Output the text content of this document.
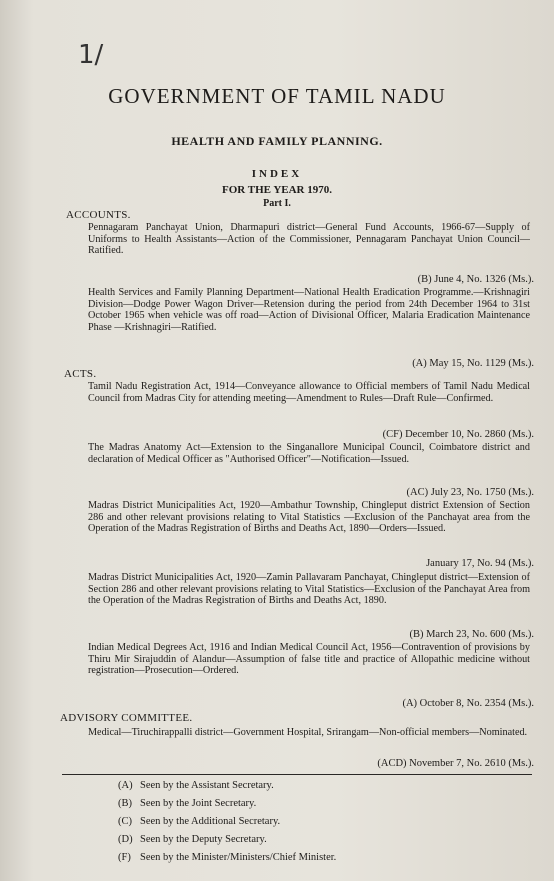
1/
GOVERNMENT OF TAMIL NADU
HEALTH AND FAMILY PLANNING.
INDEX
FOR THE YEAR 1970.
Part I.
ACCOUNTS.
Pennagaram Panchayat Union, Dharmapuri district—General Fund Accounts, 1966-67—Supply of Uniforms to Health Assistants—Action of the Commissioner, Pennagaram Panchayat Union Council—Ratified.
(B) June 4, No. 1326 (Ms.).
Health Services and Family Planning Department—National Health Eradication Programme.—Krishnagiri Division—Dodge Power Wagon Driver—Retension during the period from 24th December 1964 to 31st October 1965 when vehicle was off road—Action of Divisional Officer, Malaria Eradication Maintenance Phase —Krishnagiri—Ratified.
(A) May 15, No. 1129 (Ms.).
ACTS.
Tamil Nadu Registration Act, 1914—Conveyance allowance to Official members of Tamil Nadu Medical Council from Madras City for attending meeting—Amendment to Rules—Draft Rule—Confirmed.
(CF) December 10, No. 2860 (Ms.).
The Madras Anatomy Act—Extension to the Singanallore Municipal Council, Coimbatore district and declaration of Medical Officer as "Authorised Officer"—Notification—Issued.
(AC) July 23, No. 1750 (Ms.).
Madras District Municipalities Act, 1920—Ambathur Township, Chingleput district Extension of Section 286 and other relevant provisions relating to Vital Statistics —Exclusion of the Panchayat area from the Operation of the Madras Registration of Births and Deaths Act, 1890—Orders—Issued.
January 17, No. 94 (Ms.).
Madras District Municipalities Act, 1920—Zamin Pallavaram Panchayat, Chingleput district—Extension of Section 286 and other relevant provisions relating to Vital Statistics—Exclusion of the Panchayat Area from the Operation of the Madras Registration of Births and Deaths Act, 1890.
(B) March 23, No. 600 (Ms.).
Indian Medical Degrees Act, 1916 and Indian Medical Council Act, 1956—Contravention of provisions by Thiru Mir Sirajuddin of Alandur—Assumption of false title and practice of Allopathic medicine without registration—Prosecution—Ordered.
(A) October 8, No. 2354 (Ms.).
ADVISORY COMMITTEE.
Medical—Tiruchirappalli district—Government Hospital, Srirangam—Non-official members—Nominated.
(ACD) November 7, No. 2610 (Ms.).
(A) Seen by the Assistant Secretary.
(B) Seen by the Joint Secretary.
(C) Seen by the Additional Secretary.
(D) Seen by the Deputy Secretary.
(F) Seen by the Minister/Ministers/Chief Minister.
